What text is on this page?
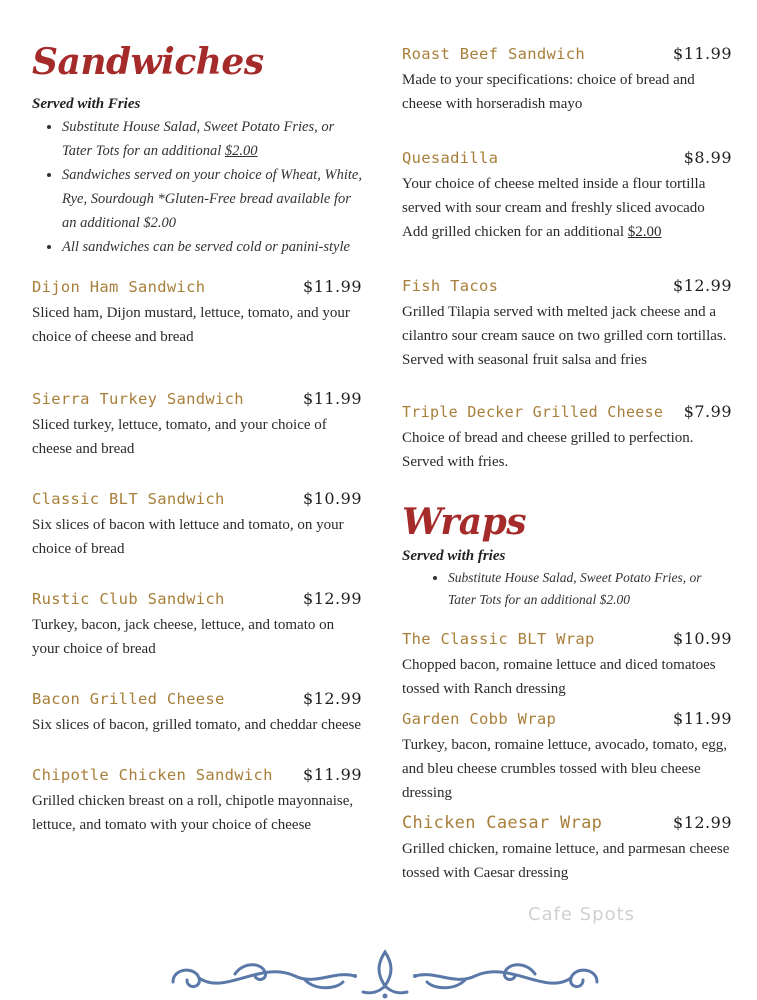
Sandwiches
Served with Fries
• Substitute House Salad, Sweet Potato Fries, or Tater Tots for an additional $2.00
• Sandwiches served on your choice of Wheat, White, Rye, Sourdough *Gluten-Free bread available for an additional $2.00
• All sandwiches can be served cold or panini-style
Dijon Ham Sandwich	$11.99
Sliced ham, Dijon mustard, lettuce, tomato, and your choice of cheese and bread
Sierra Turkey Sandwich	$11.99
Sliced turkey, lettuce, tomato, and your choice of cheese and bread
Classic BLT Sandwich	$10.99
Six slices of bacon with lettuce and tomato, on your choice of bread
Rustic Club Sandwich	$12.99
Turkey, bacon, jack cheese, lettuce, and tomato on your choice of bread
Bacon Grilled Cheese	$12.99
Six slices of bacon, grilled tomato, and cheddar cheese
Chipotle Chicken Sandwich $11.99
Grilled chicken breast on a roll, chipotle mayonnaise, lettuce, and tomato with your choice of cheese
Roast Beef Sandwich	$11.99
Made to your specifications: choice of bread and cheese with horseradish mayo
Quesadilla	$8.99
Your choice of cheese melted inside a flour tortilla served with sour cream and freshly sliced avocado
Add grilled chicken for an additional $2.00
Fish Tacos	$12.99
Grilled Tilapia served with melted jack cheese and a cilantro sour cream sauce on two grilled corn tortillas. Served with seasonal fruit salsa and fries
Triple Decker Grilled Cheese $7.99
Choice of bread and cheese grilled to perfection. Served with fries.
Wraps
Served with fries
• Substitute House Salad, Sweet Potato Fries, or Tater Tots for an additional $2.00
The Classic BLT Wrap	$10.99
Chopped bacon, romaine lettuce and diced tomatoes tossed with Ranch dressing
Garden Cobb Wrap	$11.99
Turkey, bacon, romaine lettuce, avocado, tomato, egg, and bleu cheese crumbles tossed with bleu cheese dressing
Chicken Caesar Wrap	$12.99
Grilled chicken, romaine lettuce, and parmesan cheese tossed with Caesar dressing
Cafe Spots
